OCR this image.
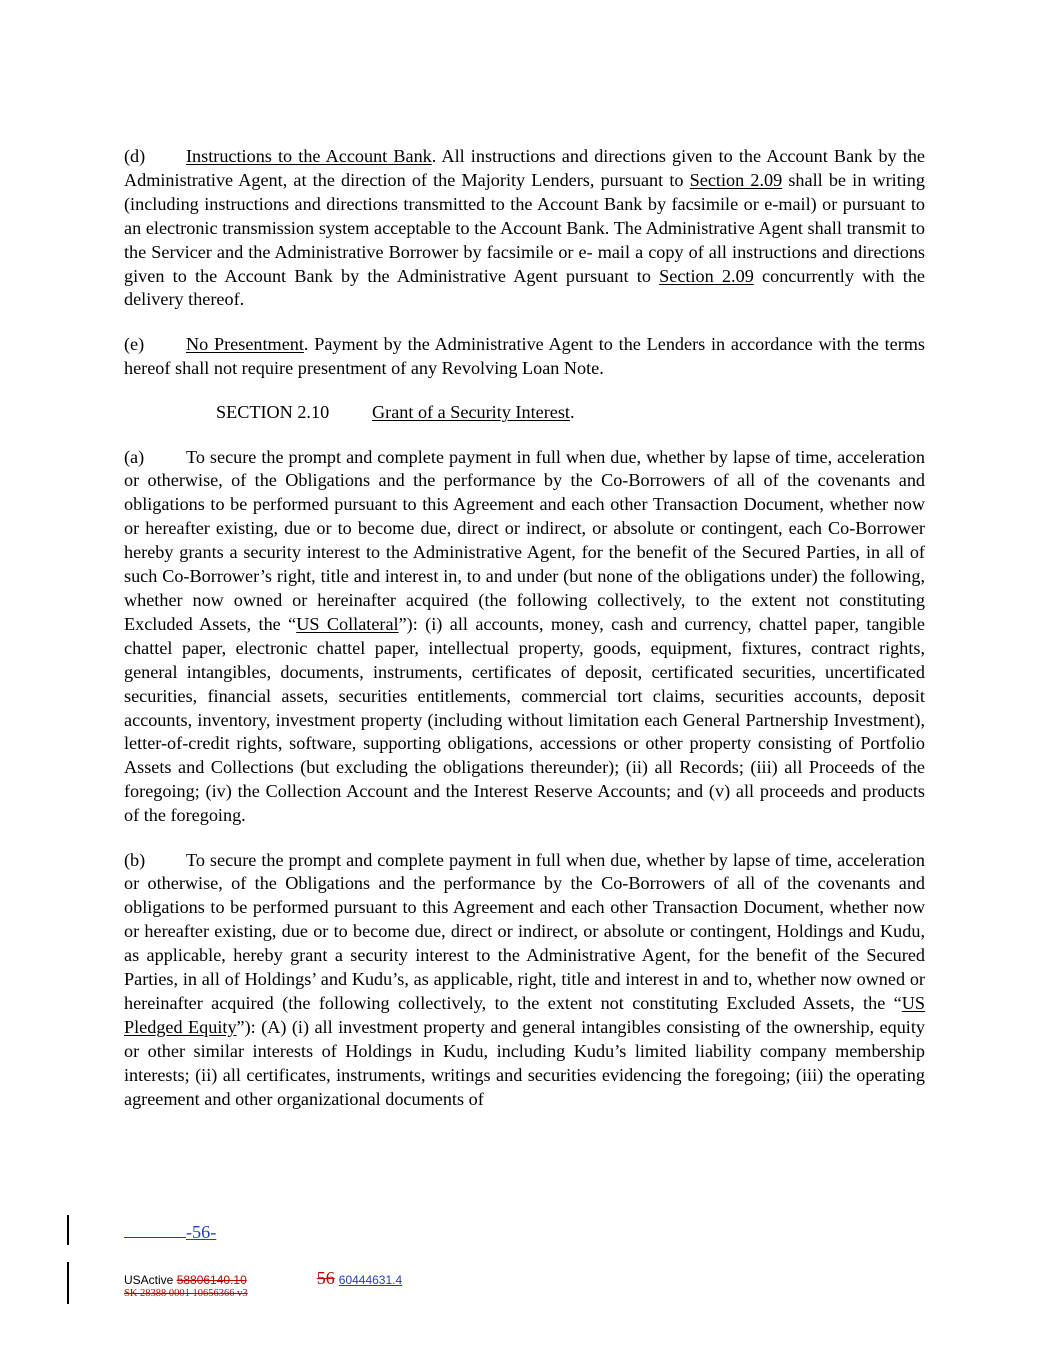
(d) Instructions to the Account Bank. All instructions and directions given to the Account Bank by the Administrative Agent, at the direction of the Majority Lenders, pursuant to Section 2.09 shall be in writing (including instructions and directions transmitted to the Account Bank by facsimile or e-mail) or pursuant to an electronic transmission system acceptable to the Account Bank. The Administrative Agent shall transmit to the Servicer and the Administrative Borrower by facsimile or e- mail a copy of all instructions and directions given to the Account Bank by the Administrative Agent pursuant to Section 2.09 concurrently with the delivery thereof.

(e) No Presentment. Payment by the Administrative Agent to the Lenders in accordance with the terms hereof shall not require presentment of any Revolving Loan Note.

SECTION 2.10 Grant of a Security Interest.

(a) To secure the prompt and complete payment in full when due, whether by lapse of time, acceleration or otherwise, of the Obligations and the performance by the Co-Borrowers of all of the covenants and obligations to be performed pursuant to this Agreement and each other Transaction Document, whether now or hereafter existing, due or to become due, direct or indirect, or absolute or contingent, each Co-Borrower hereby grants a security interest to the Administrative Agent, for the benefit of the Secured Parties, in all of such Co-Borrower’s right, title and interest in, to and under (but none of the obligations under) the following, whether now owned or hereinafter acquired (the following collectively, to the extent not constituting Excluded Assets, the “US Collateral”): (i) all accounts, money, cash and currency, chattel paper, tangible chattel paper, electronic chattel paper, intellectual property, goods, equipment, fixtures, contract rights, general intangibles, documents, instruments, certificates of deposit, certificated securities, uncertificated securities, financial assets, securities entitlements, commercial tort claims, securities accounts, deposit accounts, inventory, investment property (including without limitation each General Partnership Investment), letter-of-credit rights, software, supporting obligations, accessions or other property consisting of Portfolio Assets and Collections (but excluding the obligations thereunder); (ii) all Records; (iii) all Proceeds of the foregoing; (iv) the Collection Account and the Interest Reserve Accounts; and (v) all proceeds and products of the foregoing.

(b) To secure the prompt and complete payment in full when due, whether by lapse of time, acceleration or otherwise, of the Obligations and the performance by the Co-Borrowers of all of the covenants and obligations to be performed pursuant to this Agreement and each other Transaction Document, whether now or hereafter existing, due or to become due, direct or indirect, or absolute or contingent, Holdings and Kudu, as applicable, hereby grant a security interest to the Administrative Agent, for the benefit of the Secured Parties, in all of Holdings’ and Kudu’s, as applicable, right, title and interest in and to, whether now owned or hereinafter acquired (the following collectively, to the extent not constituting Excluded Assets, the “US Pledged Equity”): (A) (i) all investment property and general intangibles consisting of the ownership, equity or other similar interests of Holdings in Kudu, including Kudu’s limited liability company membership interests; (ii) all certificates, instruments, writings and securities evidencing the foregoing; (iii) the operating agreement and other organizational documents of

-56-
USActive 58806140.10	56 60444631.4
SK 28388 0001 10656366 v3
